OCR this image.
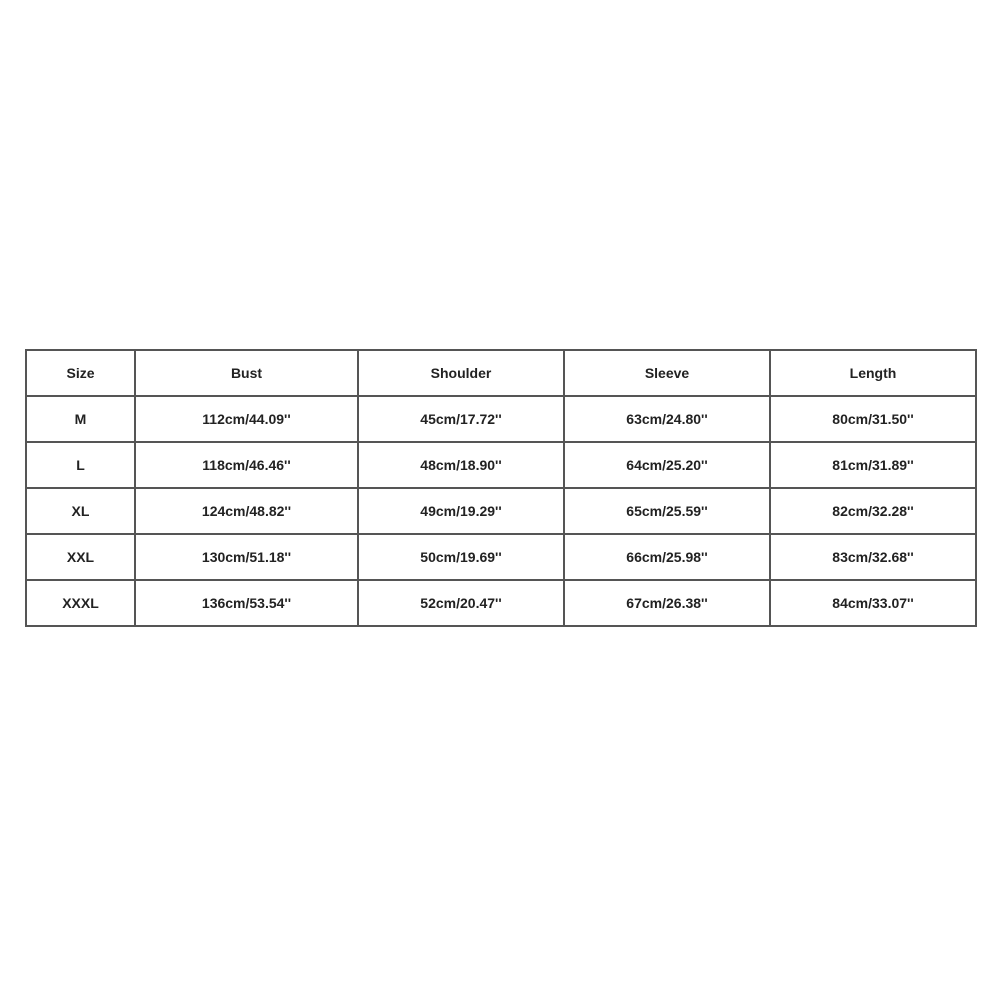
Size	Bust	Shoulder	Sleeve	Length
M	112cm/44.09''	45cm/17.72''	63cm/24.80''	80cm/31.50''
L	118cm/46.46''	48cm/18.90''	64cm/25.20''	81cm/31.89''
XL	124cm/48.82''	49cm/19.29''	65cm/25.59''	82cm/32.28''
XXL	130cm/51.18''	50cm/19.69''	66cm/25.98''	83cm/32.68''
XXXL	136cm/53.54''	52cm/20.47''	67cm/26.38''	84cm/33.07''
